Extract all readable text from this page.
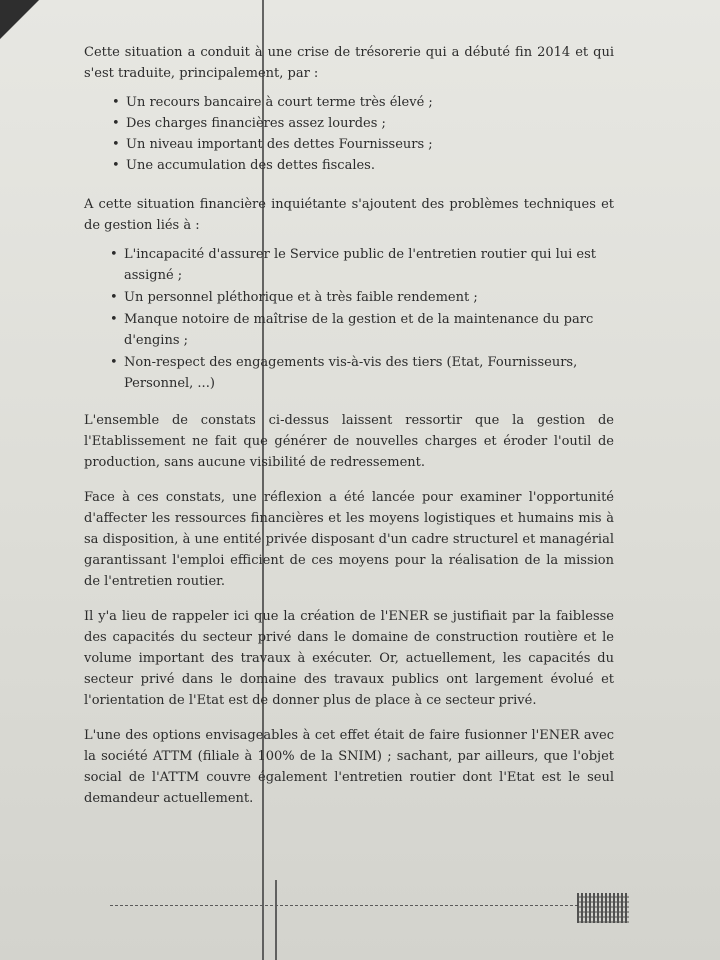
Cette situation a conduit à une crise de trésorerie qui a débuté fin 2014 et qui s'est traduite, principalement, par :

• Un recours bancaire à court terme très élevé ;
• Des charges financières assez lourdes ;
• Un niveau important des dettes Fournisseurs ;
• Une accumulation des dettes fiscales.

A cette situation financière inquiétante s'ajoutent des problèmes techniques et de gestion liés à :

• L'incapacité d'assurer le Service public de l'entretien routier qui lui est assigné ;
• Un personnel pléthorique et à très faible rendement ;
• Manque notoire de maîtrise de la gestion et de la maintenance du parc d'engins ;
• Non-respect des engagements vis-à-vis des tiers (Etat, Fournisseurs, Personnel, ...)

L'ensemble de constats ci-dessus laissent ressortir que la gestion de l'Etablissement ne fait que générer de nouvelles charges et éroder l'outil de production, sans aucune visibilité de redressement.

Face à ces constats, une réflexion a été lancée pour examiner l'opportunité d'affecter les ressources financières et les moyens logistiques et humains mis à sa disposition, à une entité privée disposant d'un cadre structurel et managérial garantissant l'emploi efficient de ces moyens pour la réalisation de la mission de l'entretien routier.

Il y'a lieu de rappeler ici que la création de l'ENER se justifiait par la faiblesse des capacités du secteur privé dans le domaine de construction routière et le volume important des travaux à exécuter. Or, actuellement, les capacités du secteur privé dans le domaine des travaux publics ont largement évolué et l'orientation de l'Etat est de donner plus de place à ce secteur privé.

L'une des options envisageables à cet effet était de faire fusionner l'ENER avec la société ATTM (filiale à 100% de la SNIM) ; sachant, par ailleurs, que l'objet social de l'ATTM couvre également l'entretien routier dont l'Etat est le seul demandeur actuellement.
